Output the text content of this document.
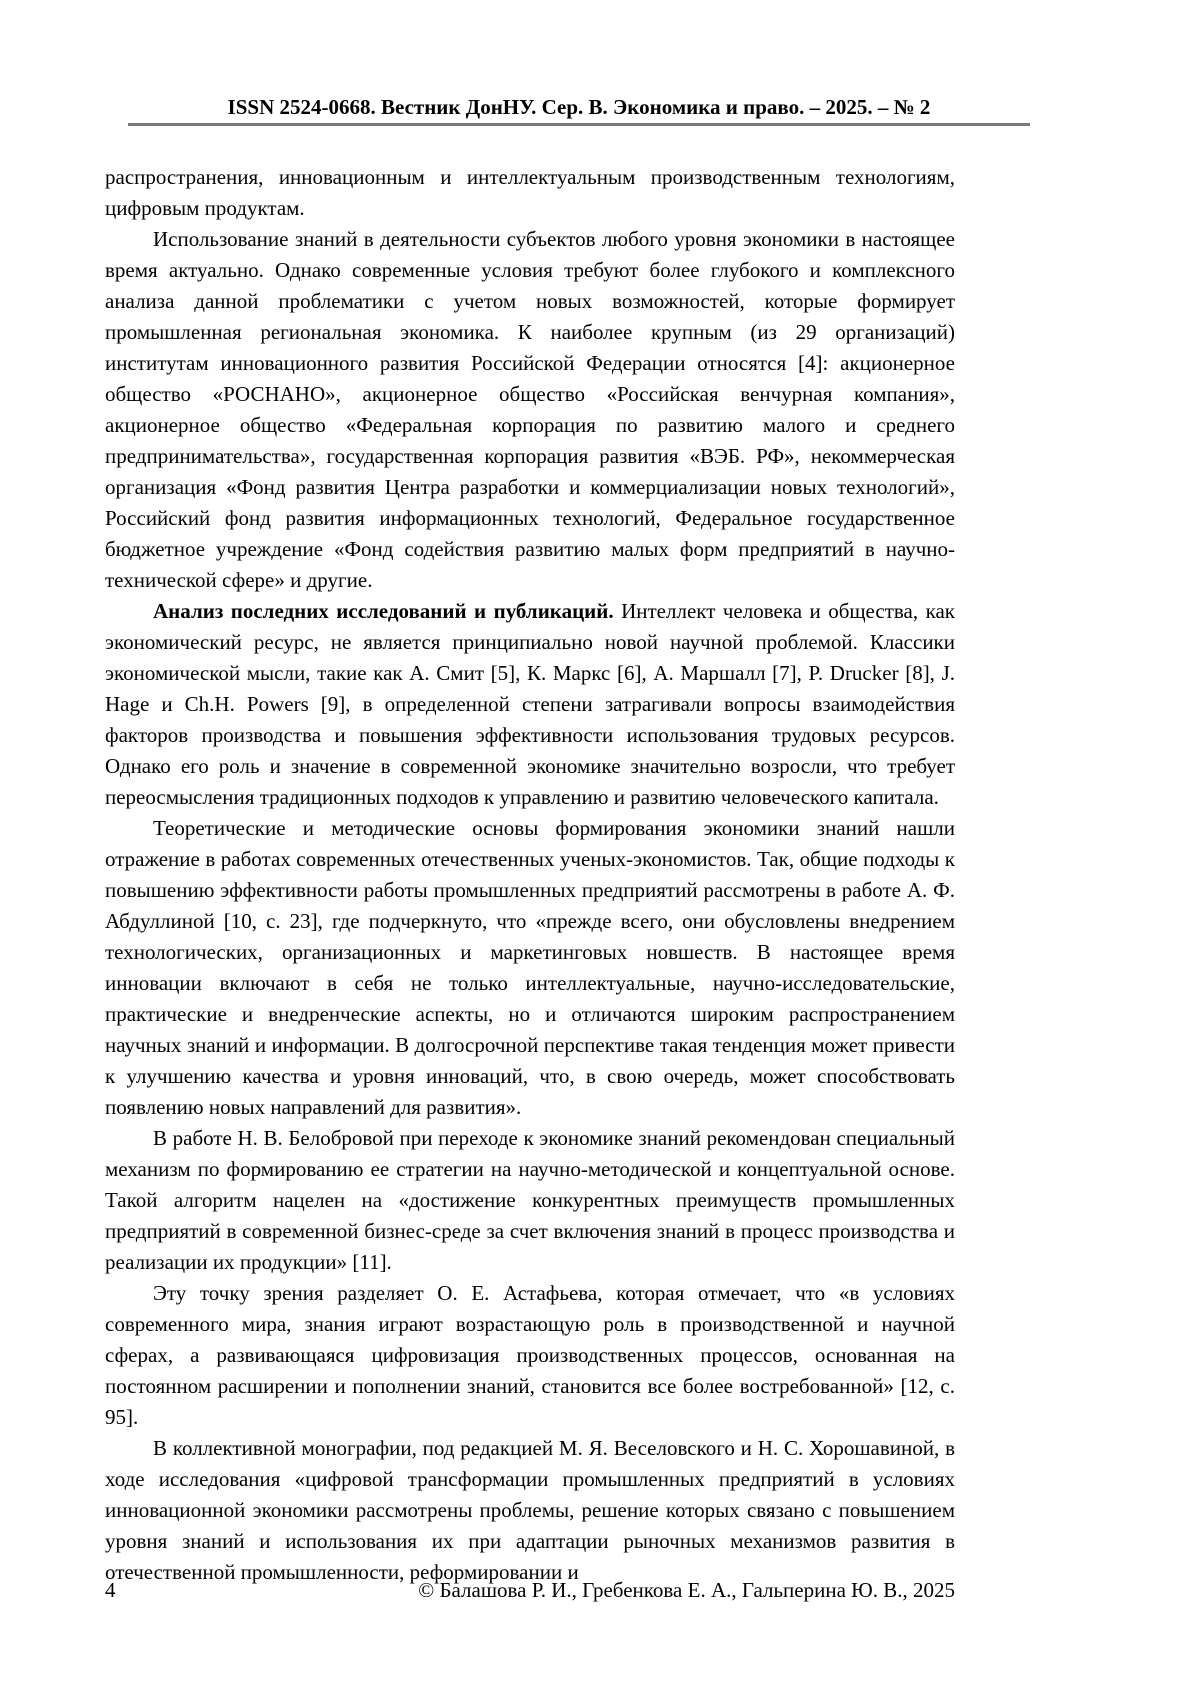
ISSN 2524-0668. Вестник ДонНУ. Сер. В. Экономика и право. – 2025. – № 2

распространения, инновационным и интеллектуальным производственным технологиям, цифровым продуктам.

Использование знаний в деятельности субъектов любого уровня экономики в настоящее время актуально. Однако современные условия требуют более глубокого и комплексного анализа данной проблематики с учетом новых возможностей, которые формирует промышленная региональная экономика. К наиболее крупным (из 29 организаций) институтам инновационного развития Российской Федерации относятся [4]: акционерное общество «РОСНАНО», акционерное общество «Российская венчурная компания», акционерное общество «Федеральная корпорация по развитию малого и среднего предпринимательства», государственная корпорация развития «ВЭБ. РФ», некоммерческая организация «Фонд развития Центра разработки и коммерциализации новых технологий», Российский фонд развития информационных технологий, Федеральное государственное бюджетное учреждение «Фонд содействия развитию малых форм предприятий в научно-технической сфере» и другие.

Анализ последних исследований и публикаций. Интеллект человека и общества, как экономический ресурс, не является принципиально новой научной проблемой. Классики экономической мысли, такие как А. Смит [5], К. Маркс [6], А. Маршалл [7], P. Drucker [8], J. Hage и Ch.H. Powers [9], в определенной степени затрагивали вопросы взаимодействия факторов производства и повышения эффективности использования трудовых ресурсов. Однако его роль и значение в современной экономике значительно возросли, что требует переосмысления традиционных подходов к управлению и развитию человеческого капитала.

Теоретические и методические основы формирования экономики знаний нашли отражение в работах современных отечественных ученых-экономистов. Так, общие подходы к повышению эффективности работы промышленных предприятий рассмотрены в работе А. Ф. Абдуллиной [10, с. 23], где подчеркнуто, что «прежде всего, они обусловлены внедрением технологических, организационных и маркетинговых новшеств. В настоящее время инновации включают в себя не только интеллектуальные, научно-исследовательские, практические и внедренческие аспекты, но и отличаются широким распространением научных знаний и информации. В долгосрочной перспективе такая тенденция может привести к улучшению качества и уровня инноваций, что, в свою очередь, может способствовать появлению новых направлений для развития».

В работе Н. В. Белобровой при переходе к экономике знаний рекомендован специальный механизм по формированию ее стратегии на научно-методической и концептуальной основе. Такой алгоритм нацелен на «достижение конкурентных преимуществ промышленных предприятий в современной бизнес-среде за счет включения знаний в процесс производства и реализации их продукции» [11].

Эту точку зрения разделяет О. Е. Астафьева, которая отмечает, что «в условиях современного мира, знания играют возрастающую роль в производственной и научной сферах, а развивающаяся цифровизация производственных процессов, основанная на постоянном расширении и пополнении знаний, становится все более востребованной» [12, с. 95].

В коллективной монографии, под редакцией М. Я. Веселовского и Н. С. Хорошавиной, в ходе исследования «цифровой трансформации промышленных предприятий в условиях инновационной экономики рассмотрены проблемы, решение которых связано с повышением уровня знаний и использования их при адаптации рыночных механизмов развития в отечественной промышленности, реформировании и

4	© Балашова Р. И., Гребенкова Е. А., Гальперина Ю. В., 2025
